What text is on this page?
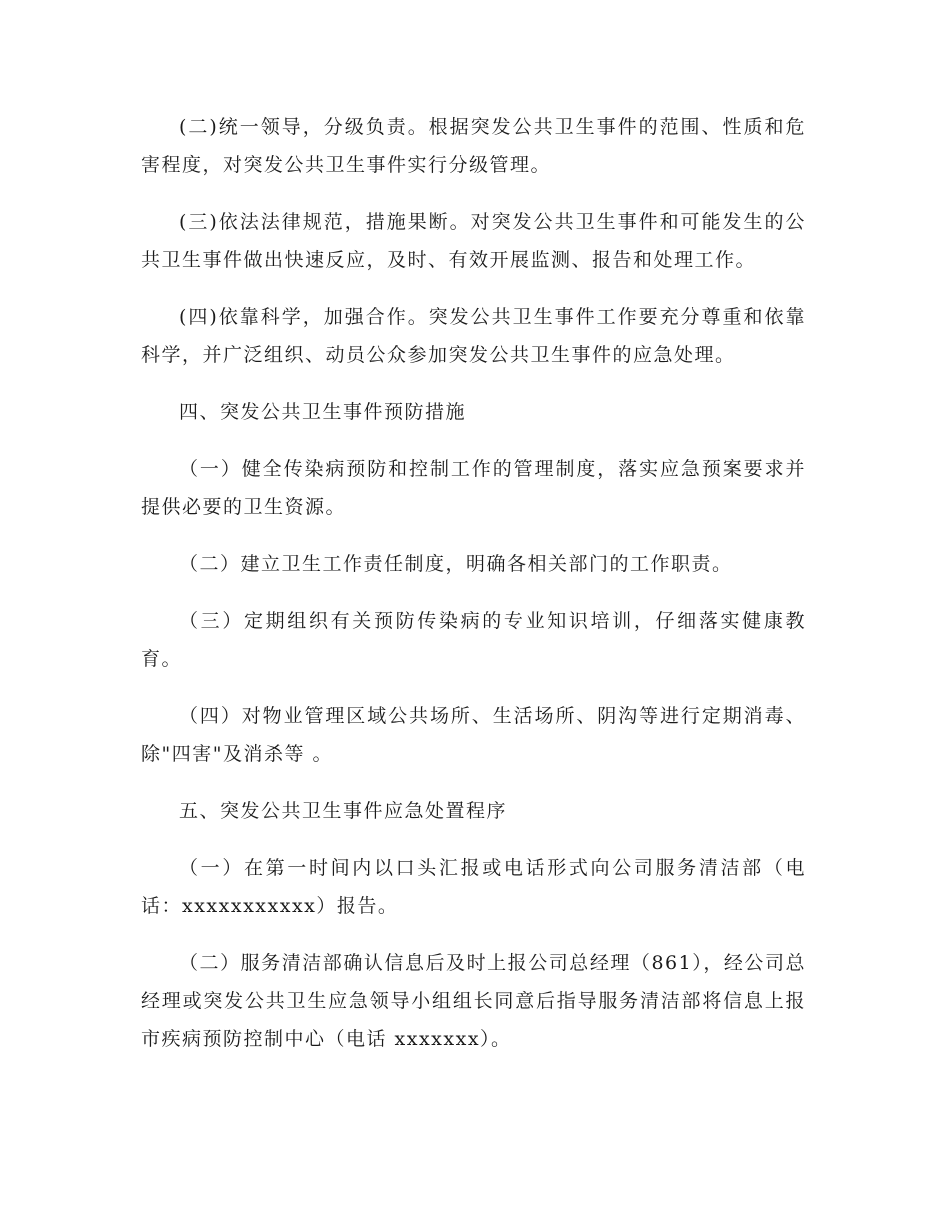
(二)统一领导，分级负责。根据突发公共卫生事件的范围、性质和危害程度，对突发公共卫生事件实行分级管理。

(三)依法法律规范，措施果断。对突发公共卫生事件和可能发生的公共卫生事件做出快速反应，及时、有效开展监测、报告和处理工作。

(四)依靠科学，加强合作。突发公共卫生事件工作要充分尊重和依靠科学，并广泛组织、动员公众参加突发公共卫生事件的应急处理。

四、突发公共卫生事件预防措施

（一）健全传染病预防和控制工作的管理制度，落实应急预案要求并提供必要的卫生资源。

（二）建立卫生工作责任制度，明确各相关部门的工作职责。

（三）定期组织有关预防传染病的专业知识培训，仔细落实健康教育。

（四）对物业管理区域公共场所、生活场所、阴沟等进行定期消毒、除"四害"及消杀等 。

五、突发公共卫生事件应急处置程序

（一）在第一时间内以口头汇报或电话形式向公司服务清洁部（电话：xxxxxxxxxxx）报告。

（二）服务清洁部确认信息后及时上报公司总经理（861），经公司总经理或突发公共卫生应急领导小组组长同意后指导服务清洁部将信息上报市疾病预防控制中心（电话 xxxxxxx）。
